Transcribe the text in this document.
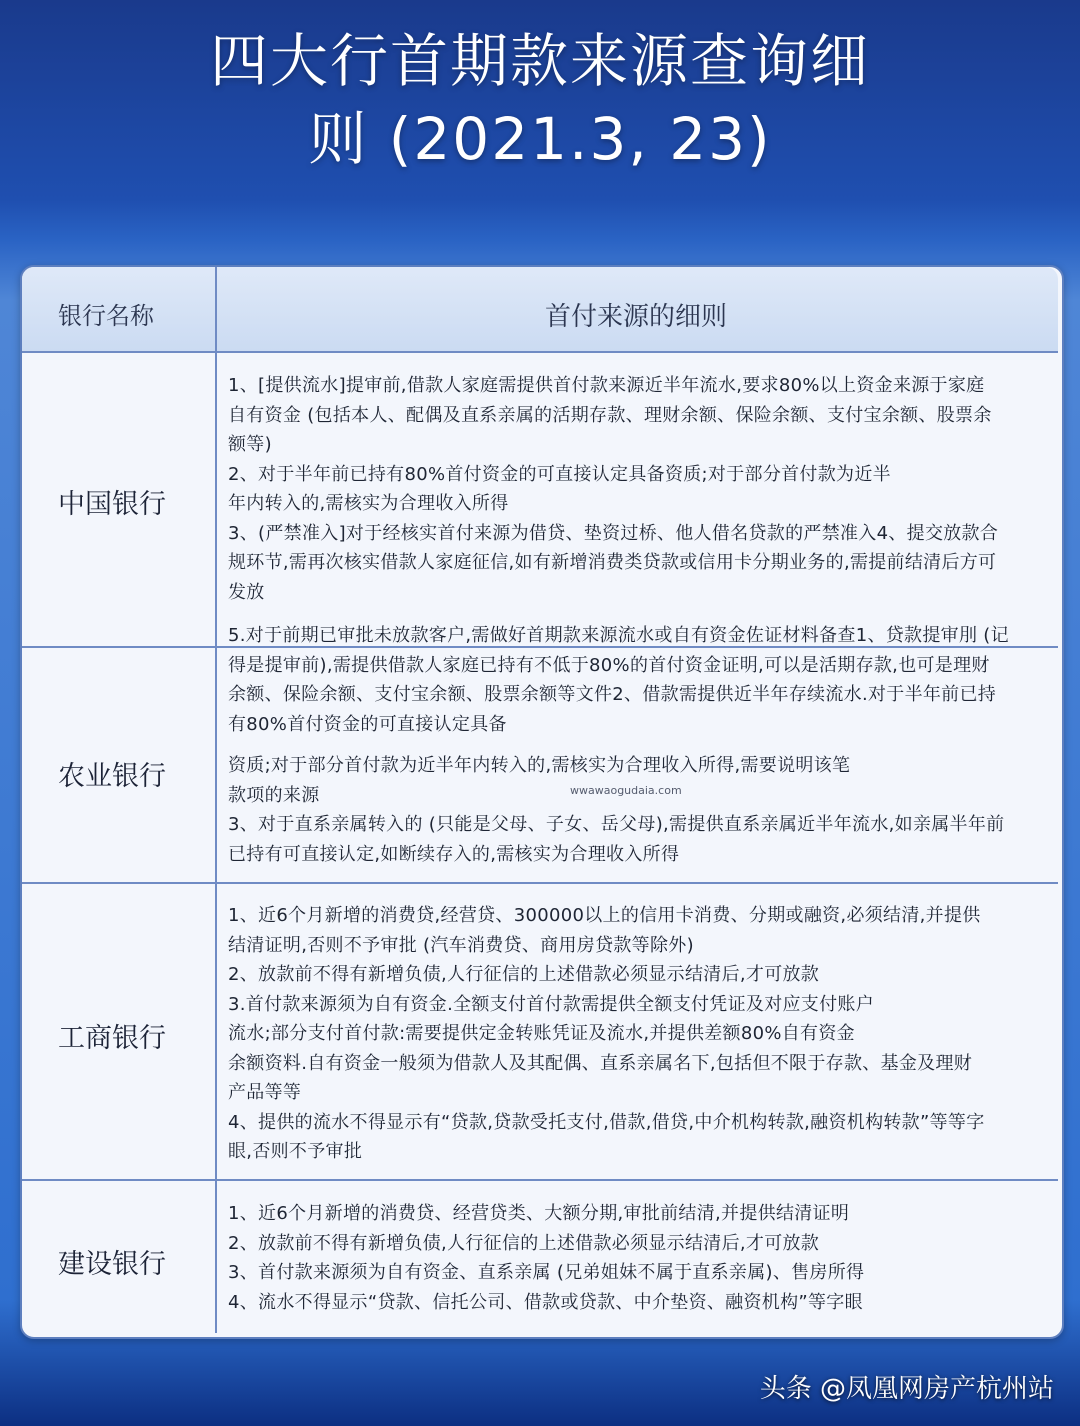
四大行首期款来源查询细
则 (2021.3, 23)
银行名称	首付来源的细则
中国银行
1、[提供流水]提审前,借款人家庭需提供首付款来源近半年流水,要求80%以上资金来源于家庭
自有资金 (包括本人、配偶及直系亲属的活期存款、理财余额、保险余额、支付宝余额、股票余
额等)
2、对于半年前已持有80%首付资金的可直接认定具备资质;对于部分首付款为近半
年内转入的,需核实为合理收入所得
3、(严禁准入]对于经核实首付来源为借贷、垫资过桥、他人借名贷款的严禁准入4、提交放款合
规环节,需再次核实借款人家庭征信,如有新增消费类贷款或信用卡分期业务的,需提前结清后方可
发放
农业银行
5.对于前期已审批未放款客户,需做好首期款来源流水或自有资金佐证材料备查1、贷款提审刖 (记
得是提审前),需提供借款人家庭已持有不低于80%的首付资金证明,可以是活期存款,也可是理财
余额、保险余额、支付宝余额、股票余额等文件2、借款需提供近半年存续流水.对于半年前已持
有80%首付资金的可直接认定具备
资质;对于部分首付款为近半年内转入的,需核实为合理收入所得,需要说明该笔
款项的来源
3、对于直系亲属转入的 (只能是父母、子女、岳父母),需提供直系亲属近半年流水,如亲属半年前
已持有可直接认定,如断续存入的,需核实为合理收入所得
wwawaogudaia.com
工商银行
1、近6个月新增的消费贷,经营贷、300000以上的信用卡消费、分期或融资,必须结清,并提供
结清证明,否则不予审批 (汽车消费贷、商用房贷款等除外)
2、放款前不得有新增负债,人行征信的上述借款必须显示结清后,才可放款
3.首付款来源须为自有资金.全额支付首付款需提供全额支付凭证及对应支付账户
流水;部分支付首付款:需要提供定金转账凭证及流水,并提供差额80%自有资金
余额资料.自有资金一般须为借款人及其配偶、直系亲属名下,包括但不限于存款、基金及理财
产品等等
4、提供的流水不得显示有“贷款,贷款受托支付,借款,借贷,中介机构转款,融资机构转款”等等字
眼,否则不予审批
建设银行
1、近6个月新增的消费贷、经营贷类、大额分期,审批前结清,并提供结清证明
2、放款前不得有新增负债,人行征信的上述借款必须显示结清后,才可放款
3、首付款来源须为自有资金、直系亲属 (兄弟姐妹不属于直系亲属)、售房所得
4、流水不得显示“贷款、信托公司、借款或贷款、中介垫资、融资机构”等字眼
头条 @凤凰网房产杭州站
